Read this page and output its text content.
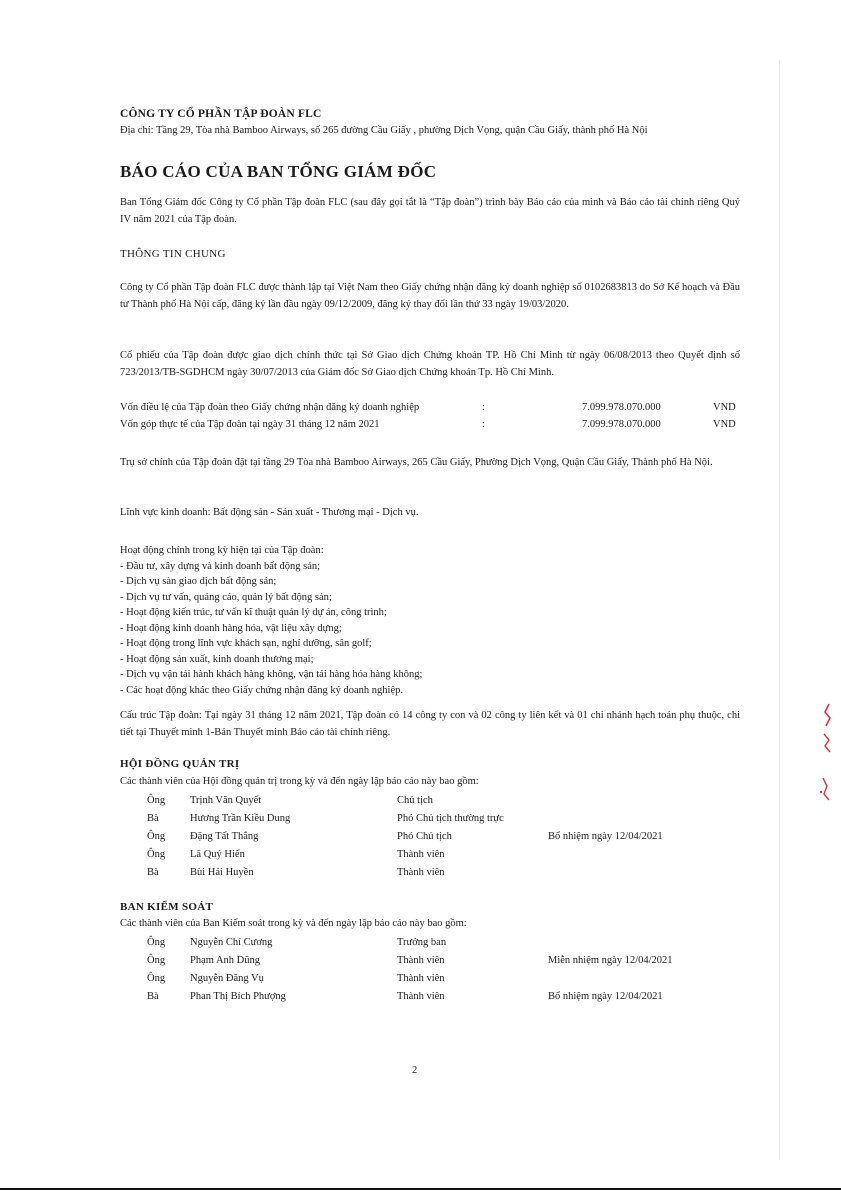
CÔNG TY CỔ PHẦN TẬP ĐOÀN FLC
Địa chỉ: Tầng 29, Tòa nhà Bamboo Airways, số 265 đường Cầu Giấy , phường Dịch Vọng, quận Cầu Giấy, thành phố Hà Nội
BÁO CÁO CỦA BAN TỔNG GIÁM ĐỐC
Ban Tổng Giám đốc Công ty Cổ phần Tập đoàn FLC (sau đây gọi tắt là “Tập đoàn”) trình bày Báo cáo của mình và Báo cáo tài chính riêng Quý IV năm 2021 của Tập đoàn.
THÔNG TIN CHUNG
Công ty Cổ phần Tập đoàn FLC được thành lập tại Việt Nam theo Giấy chứng nhận đăng ký doanh nghiệp số 0102683813 do Sở Kế hoạch và Đầu tư Thành phố Hà Nội cấp, đăng ký lần đầu ngày 09/12/2009, đăng ký thay đổi lần thứ 33 ngày 19/03/2020.
Cổ phiếu của Tập đoàn được giao dịch chính thức tại Sở Giao dịch Chứng khoán TP. Hồ Chí Minh từ ngày 06/08/2013 theo Quyết định số 723/2013/TB-SGDHCM ngày 30/07/2013 của Giám đốc Sở Giao dịch Chứng khoán Tp. Hồ Chí Minh.
Vốn điều lệ của Tập đoàn theo Giấy chứng nhận đăng ký doanh nghiệp	:	7.099.978.070.000	VND
Vốn góp thực tế của Tập đoàn tại ngày 31 tháng 12 năm 2021	:	7.099.978.070.000	VND
Trụ sở chính của Tập đoàn đặt tại tầng 29 Tòa nhà Bamboo Airways, 265 Cầu Giấy, Phường Dịch Vọng, Quận Cầu Giấy, Thành phố Hà Nội.
Lĩnh vực kinh doanh: Bất động sản - Sản xuất - Thương mại - Dịch vụ.
Hoạt động chính trong kỳ hiện tại của Tập đoàn:
- Đầu tư, xây dựng và kinh doanh bất động sản;
- Dịch vụ sàn giao dịch bất động sản;
- Dịch vụ tư vấn, quảng cáo, quản lý bất động sản;
- Hoạt động kiến trúc, tư vấn kĩ thuật quản lý dự án, công trình;
- Hoạt động kinh doanh hàng hóa, vật liệu xây dựng;
- Hoạt động trong lĩnh vực khách sạn, nghỉ dưỡng, sân golf;
- Hoạt động sản xuất, kinh doanh thương mại;
- Dịch vụ vận tải hành khách hàng không, vận tải hàng hóa hàng không;
- Các hoạt động khác theo Giấy chứng nhận đăng ký doanh nghiệp.
Cấu trúc Tập đoàn: Tại ngày 31 tháng 12 năm 2021, Tập đoàn có 14 công ty con và 02 công ty liên kết và 01 chi nhánh hạch toán phụ thuộc, chi tiết tại Thuyết minh 1-Bản Thuyết minh Báo cáo tài chính riêng.
HỘI ĐỒNG QUẢN TRỊ
Các thành viên của Hội đồng quản trị trong kỳ và đến ngày lập báo cáo này bao gồm:
Ông Trịnh Văn Quyết	Chủ tịch
Bà	Hương Trần Kiều Dung	Phó Chủ tịch thường trực
Ông Đặng Tất Thắng	Phó Chủ tịch	Bổ nhiệm ngày 12/04/2021
Ông Lã Quý Hiển	Thành viên
Bà	Bùi Hải Huyền	Thành viên
BAN KIỂM SOÁT
Các thành viên của Ban Kiểm soát trong kỳ và đến ngày lập báo cáo này bao gồm:
Ông Nguyễn Chí Cương	Trưởng ban
Ông Phạm Anh Dũng	Thành viên	Miễn nhiệm ngày 12/04/2021
Ông Nguyễn Đăng Vụ	Thành viên
Bà	Phan Thị Bích Phượng	Thành viên	Bổ nhiệm ngày 12/04/2021
2
